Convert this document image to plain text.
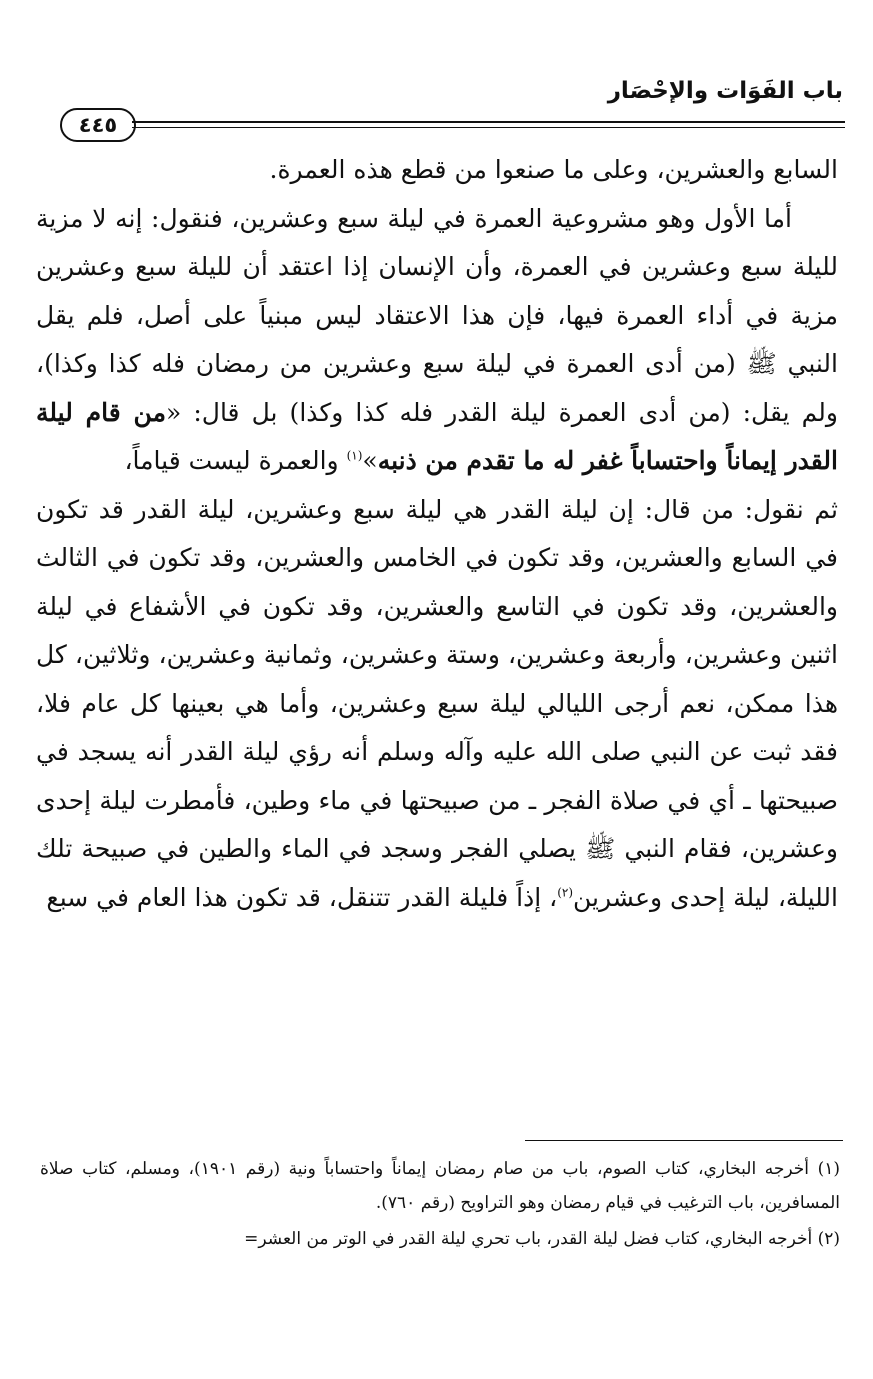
باب الفَوَات والإحْصَار
٤٤٥

السابع والعشرين، وعلى ما صنعوا من قطع هذه العمرة.

أما الأول وهو مشروعية العمرة في ليلة سبع وعشرين، فنقول: إنه لا مزية لليلة سبع وعشرين في العمرة، وأن الإنسان إذا اعتقد أن لليلة سبع وعشرين مزية في أداء العمرة فيها، فإن هذا الاعتقاد ليس مبنياً على أصل، فلم يقل النبي ﷺ (من أدى العمرة في ليلة سبع وعشرين من رمضان فله كذا وكذا)، ولم يقل: (من أدى العمرة ليلة القدر فله كذا وكذا) بل قال: «من قام ليلة القدر إيماناً واحتساباً غفر له ما تقدم من ذنبه»$^{(١)}$ والعمرة ليست قياماً،

ثم نقول: من قال: إن ليلة القدر هي ليلة سبع وعشرين، ليلة القدر قد تكون في السابع والعشرين، وقد تكون في الخامس والعشرين، وقد تكون في الثالث والعشرين، وقد تكون في التاسع والعشرين، وقد تكون في الأشفاع في ليلة اثنين وعشرين، وأربعة وعشرين، وستة وعشرين، وثمانية وعشرين، وثلاثين، كل هذا ممكن، نعم أرجى الليالي ليلة سبع وعشرين، وأما هي بعينها كل عام فلا، فقد ثبت عن النبي صلى الله عليه وآله وسلم أنه رؤي ليلة القدر أنه يسجد في صبيحتها ـ أي في صلاة الفجر ـ من صبيحتها في ماء وطين، فأمطرت ليلة إحدى وعشرين، فقام النبي ﷺ يصلي الفجر وسجد في الماء والطين في صبيحة تلك الليلة، ليلة إحدى وعشرين$^{(٢)}$، إذاً فليلة القدر تتنقل، قد تكون هذا العام في سبع

(١) أخرجه البخاري، كتاب الصوم، باب من صام رمضان إيماناً واحتساباً ونية (رقم ١٩٠١)، ومسلم، كتاب صلاة المسافرين، باب الترغيب في قيام رمضان وهو التراويح (رقم ٧٦٠).

(٢) أخرجه البخاري، كتاب فضل ليلة القدر، باب تحري ليلة القدر في الوتر من العشر=
